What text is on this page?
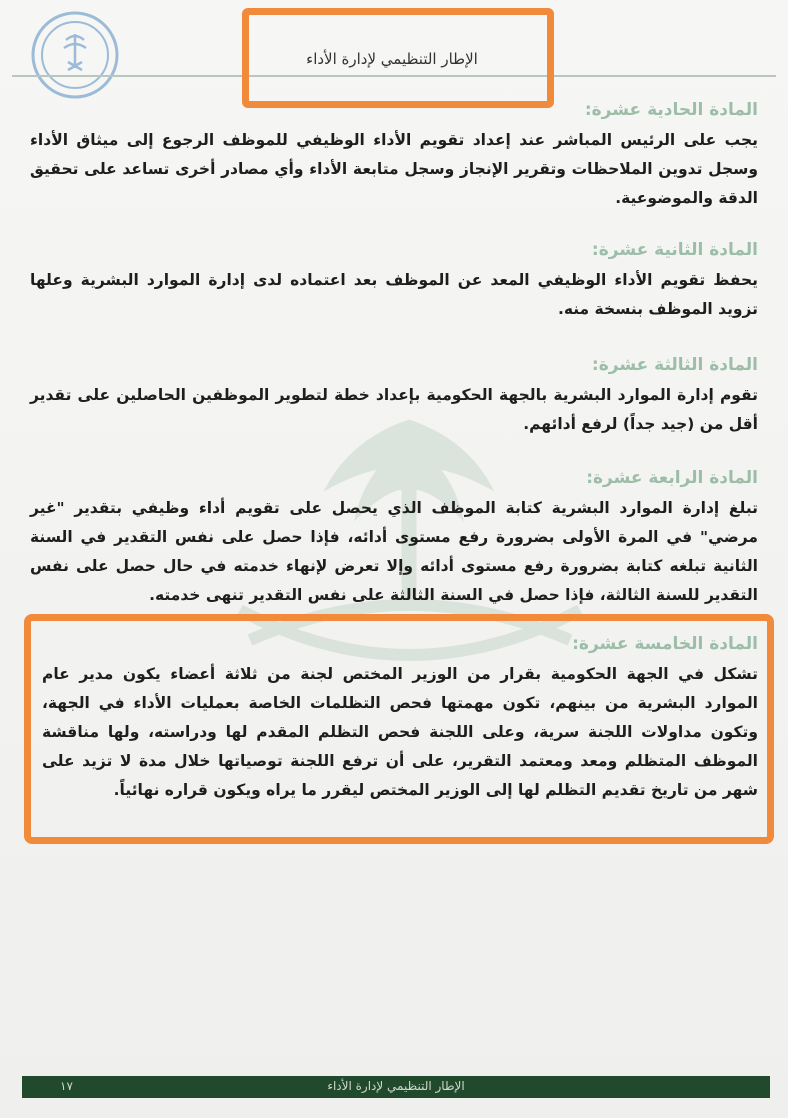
الإطار التنظيمي لإدارة الأداء

المادة الحادية عشرة:

يجب على الرئيس المباشر عند إعداد تقويم الأداء الوظيفي للموظف الرجوع إلى ميثاق الأداء وسجل تدوين الملاحظات وتقرير الإنجاز وسجل متابعة الأداء وأي مصادر أخرى تساعد على تحقيق الدقة والموضوعية.

المادة الثانية عشرة:

يحفظ تقويم الأداء الوظيفي المعد عن الموظف بعد اعتماده لدى إدارة الموارد البشرية وعلها تزويد الموظف بنسخة منه.

المادة الثالثة عشرة:

تقوم إدارة الموارد البشرية بالجهة الحكومية بإعداد خطة لتطوير الموظفين الحاصلين على تقدير أقل من (جيد جداً) لرفع أدائهم.

المادة الرابعة عشرة:

تبلغ إدارة الموارد البشرية كتابة الموظف الذي يحصل على تقويم أداء وظيفي بتقدير "غير مرضي" في المرة الأولى بضرورة رفع مستوى أدائه، فإذا حصل على نفس التقدير في السنة الثانية تبلغه كتابة بضرورة رفع مستوى أدائه وإلا تعرض لإنهاء خدمته في حال حصل على نفس التقدير للسنة الثالثة، فإذا حصل في السنة الثالثة على نفس التقدير تنهى خدمته.

المادة الخامسة عشرة:

تشكل في الجهة الحكومية بقرار من الوزير المختص لجنة من ثلاثة أعضاء يكون مدير عام الموارد البشرية من بينهم، تكون مهمتها فحص التظلمات الخاصة بعمليات الأداء في الجهة، وتكون مداولات اللجنة سرية، وعلى اللجنة فحص التظلم المقدم لها ودراسته، ولها مناقشة الموظف المتظلم ومعد ومعتمد التقرير، على أن ترفع اللجنة توصياتها خلال مدة لا تزيد على شهر من تاريخ تقديم التظلم لها إلى الوزير المختص ليقرر ما يراه ويكون قراره نهائياً.

الإطار التنظيمي لإدارة الأداء
١٧
